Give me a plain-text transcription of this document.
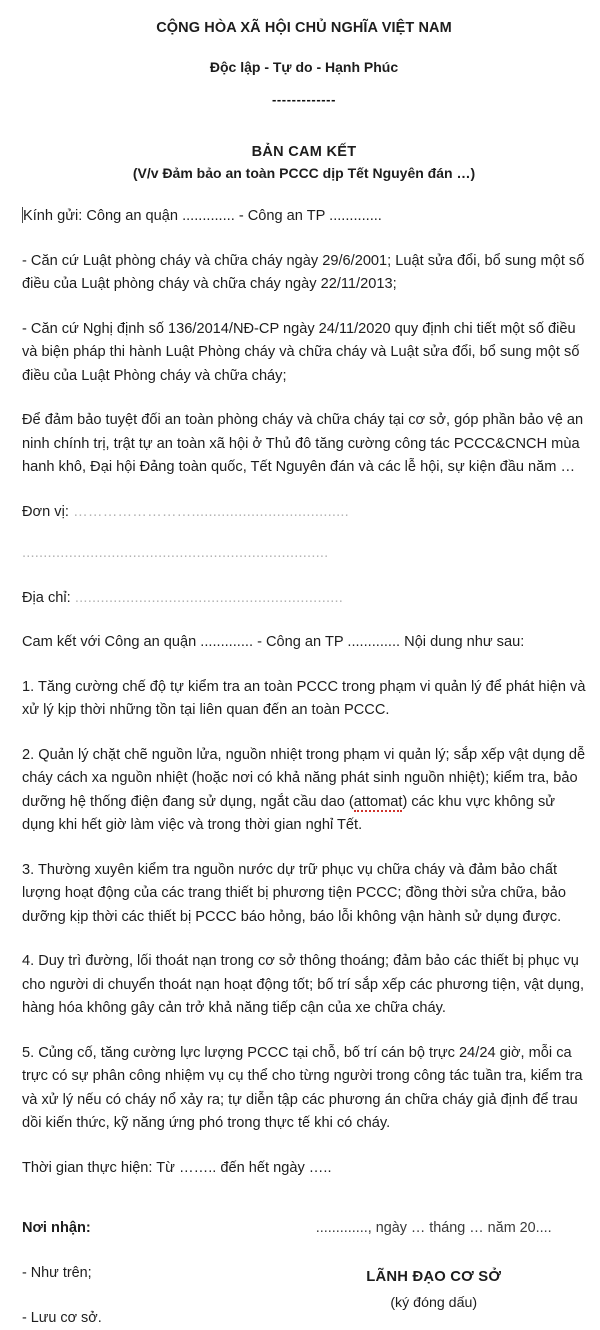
CỘNG HÒA XÃ HỘI CHỦ NGHĨA VIỆT NAM
Độc lập - Tự do - Hạnh Phúc
-------------
BẢN CAM KẾT
(V/v Đảm bảo an toàn PCCC dịp Tết Nguyên đán …)
Kính gửi: Công an quận ............. - Công an TP .............
- Căn cứ Luật phòng cháy và chữa cháy ngày 29/6/2001; Luật sửa đổi, bổ sung một số điều của Luật phòng cháy và chữa cháy ngày 22/11/2013;
- Căn cứ Nghị định số 136/2014/NĐ-CP ngày 24/11/2020 quy định chi tiết một số điều và biện pháp thi hành Luật Phòng cháy và chữa cháy và Luật sửa đổi, bổ sung một số điều của Luật Phòng cháy và chữa cháy;
Để đảm bảo tuyệt đối an toàn phòng cháy và chữa cháy tại cơ sở, góp phần bảo vệ an ninh chính trị, trật tự an toàn xã hội ở Thủ đô tăng cường công tác PCCC&CNCH mùa hanh khô, Đại hội Đảng toàn quốc, Tết Nguyên đán và các lễ hội, sự kiện đầu năm …
Đơn vị: …………………….....................................
........................................................................
Địa chỉ: ...............................................................
Cam kết với Công an quận ............. - Công an TP ............. Nội dung như sau:
1. Tăng cường chế độ tự kiểm tra an toàn PCCC trong phạm vi quản lý để phát hiện và xử lý kịp thời những tồn tại liên quan đến an toàn PCCC.
2. Quản lý chặt chẽ nguồn lửa, nguồn nhiệt trong phạm vi quản lý; sắp xếp vật dụng dễ cháy cách xa nguồn nhiệt (hoặc nơi có khả năng phát sinh nguồn nhiệt); kiểm tra, bảo dưỡng hệ thống điện đang sử dụng, ngắt cầu dao (attomat) các khu vực không sử dụng khi hết giờ làm việc và trong thời gian nghỉ Tết.
3. Thường xuyên kiểm tra nguồn nước dự trữ phục vụ chữa cháy và đảm bảo chất lượng hoạt động của các trang thiết bị phương tiện PCCC; đồng thời sửa chữa, bảo dưỡng kịp thời các thiết bị PCCC báo hỏng, báo lỗi không vận hành sử dụng được.
4. Duy trì đường, lối thoát nạn trong cơ sở thông thoáng; đảm bảo các thiết bị phục vụ cho người di chuyển thoát nạn hoạt động tốt; bố trí sắp xếp các phương tiện, vật dụng, hàng hóa không gây cản trở khả năng tiếp cận của xe chữa cháy.
5. Củng cố, tăng cường lực lượng PCCC tại chỗ, bố trí cán bộ trực 24/24 giờ, mỗi ca trực có sự phân công nhiệm vụ cụ thể cho từng người trong công tác tuần tra, kiểm tra và xử lý nếu có cháy nổ xảy ra; tự diễn tập các phương án chữa cháy giả định để trau dồi kiến thức, kỹ năng ứng phó trong thực tế khi có cháy.
Thời gian thực hiện: Từ …….. đến hết ngày …..
Nơi nhận:
- Như trên;
- Lưu cơ sở.
............., ngày … tháng … năm 20....
LÃNH ĐẠO CƠ SỞ
(ký đóng dấu)
